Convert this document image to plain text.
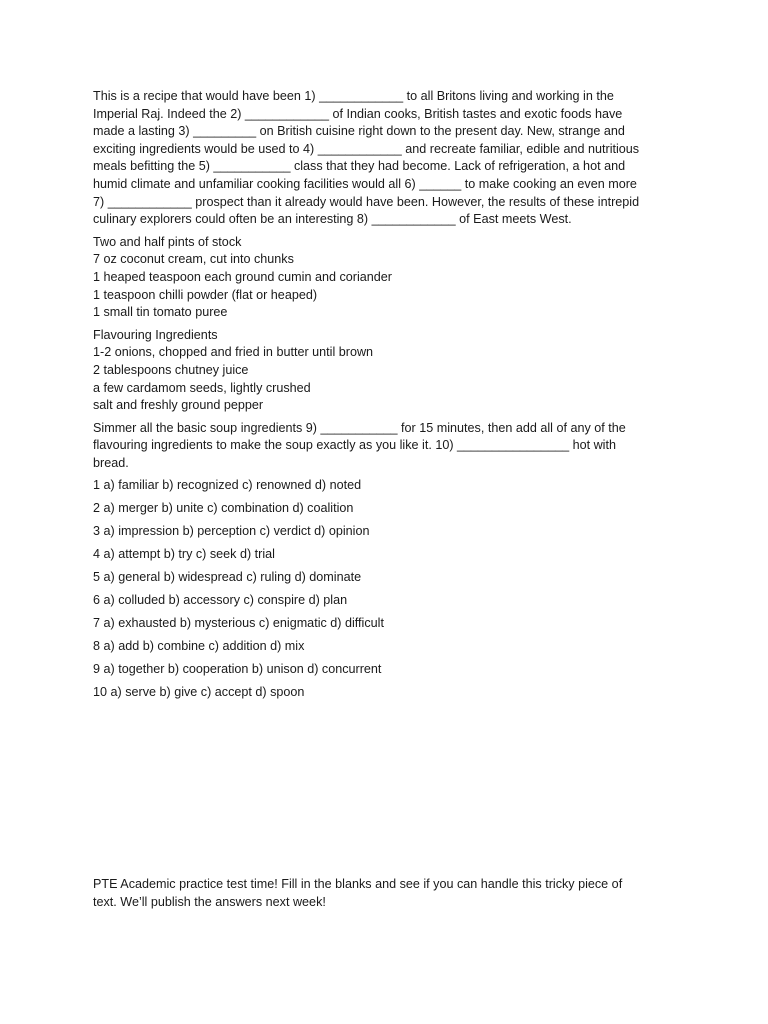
This is a recipe that would have been 1) ____________ to all Britons living and working in the
Imperial Raj. Indeed the 2) ____________ of Indian cooks, British tastes and exotic foods have
made a lasting 3) _________ on British cuisine right down to the present day. New, strange and
exciting ingredients would be used to 4) ____________ and recreate familiar, edible and nutritious
meals befitting the 5) ___________ class that they had become. Lack of refrigeration, a hot and
humid climate and unfamiliar cooking facilities would all 6) ______ to make cooking an even more
7) ____________ prospect than it already would have been. However, the results of these intrepid
culinary explorers could often be an interesting 8) ____________ of East meets West.

Two and half pints of stock
7 oz coconut cream, cut into chunks
1 heaped teaspoon each ground cumin and coriander
1 teaspoon chilli powder (flat or heaped)
1 small tin tomato puree
Flavouring Ingredients
1-2 onions, chopped and fried in butter until brown
2 tablespoons chutney juice
a few cardamom seeds, lightly crushed
salt and freshly ground pepper

Simmer all the basic soup ingredients 9) ___________ for 15 minutes, then add all of any of the
flavouring ingredients to make the soup exactly as you like it. 10) ________________ hot with
bread.

1 a) familiar b) recognized c) renowned d) noted
2 a) merger b) unite c) combination d) coalition
3 a) impression b) perception c) verdict d) opinion
4 a) attempt b) try c) seek d) trial
5 a) general b) widespread c) ruling d) dominate
6 a) colluded b) accessory c) conspire d) plan
7 a) exhausted b) mysterious c) enigmatic d) difficult
8 a) add b) combine c) addition d) mix
9 a) together b) cooperation b) unison d) concurrent
10 a) serve b) give c) accept d) spoon
PTE Academic practice test time! Fill in the blanks and see if you can handle this tricky piece of
text. We’ll publish the answers next week!
